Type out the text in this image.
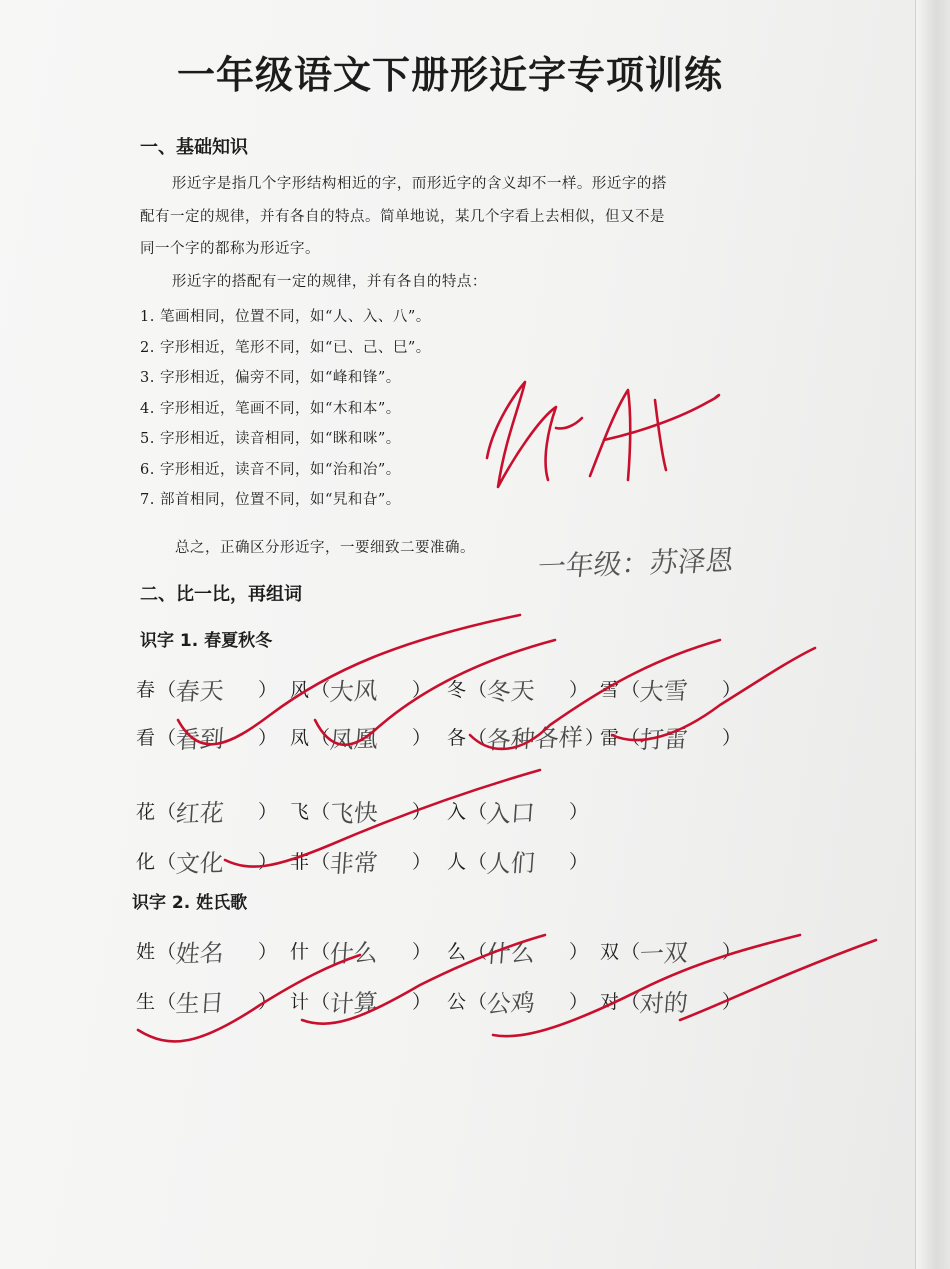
一年级语文下册形近字专项训练
一、基础知识

形近字是指几个字形结构相近的字，而形近字的含义却不一样。形近字的搭

配有一定的规律，并有各自的特点。简单地说，某几个字看上去相似，但又不是

同一个字的都称为形近字。

形近字的搭配有一定的规律，并有各自的特点：

1. 笔画相同，位置不同，如“人、入、八”。
2. 字形相近，笔形不同，如“已、己、巳”。
3. 字形相近，偏旁不同，如“峰和锋”。
4. 字形相近，笔画不同，如“木和本”。
5. 字形相近，读音相同，如“眯和咪”。
6. 字形相近，读音不同，如“治和冶”。
7. 部首相同，位置不同，如“旯和旮”。
总之，正确区分形近字，一要细致二要准确。 一年级：苏泽恩
二、比一比，再组词
识字 1. 春夏秋冬
识字 2. 姓氏歌
春 （春天 ） 风 （大风 ） 冬 （冬天 ） 雪 （大雪 ）
看 （看到 ） 凤 （凤凰 ） 各 （各种各样）
雷 （打雷 ）
花 （红花 ） 飞 （飞快 ） 入 （入口 ）
化 （文化 ） 非 （非常 ） 人 （人们 ）
姓 （姓名 ） 什 （什么 ） 么 （什么 ） 双 （一双 ）
生 （生日 ） 计 （计算 ） 公 （公鸡 ） 对 （对的 ）
